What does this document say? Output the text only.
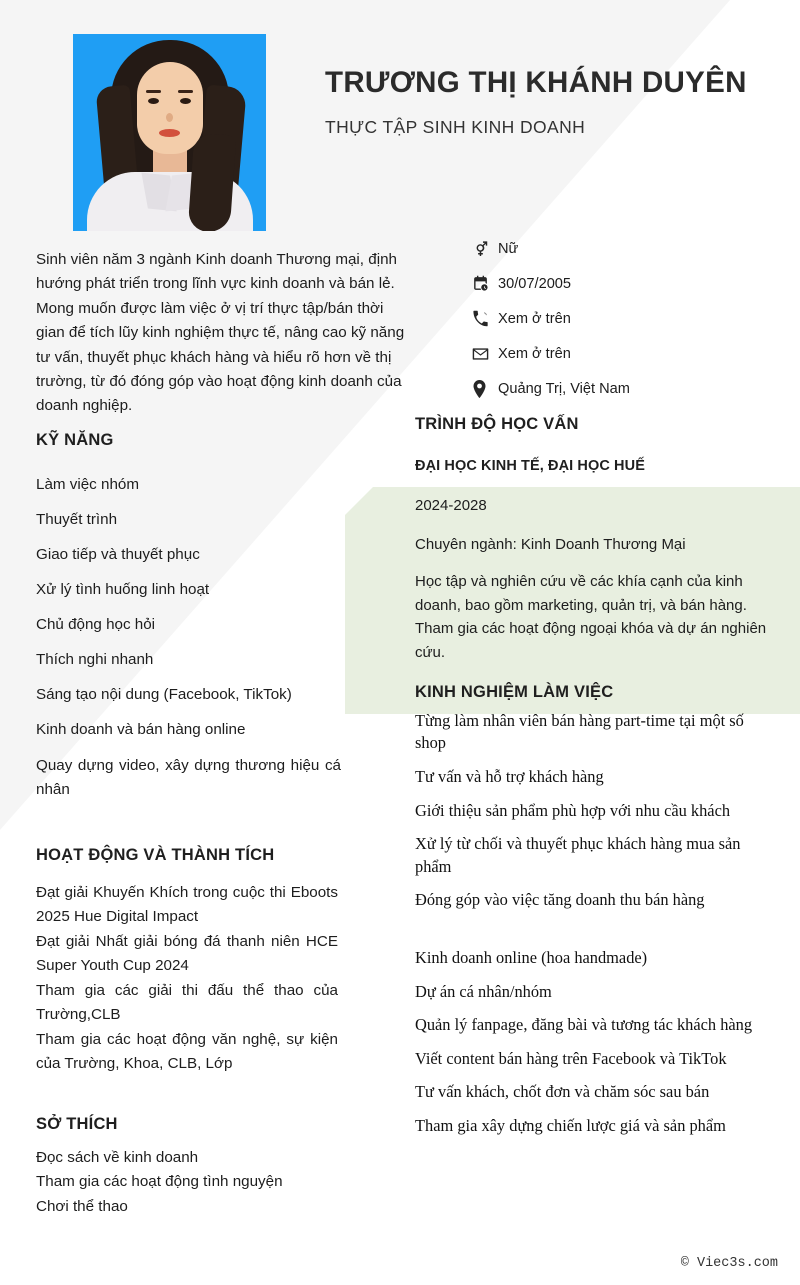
TRƯƠNG THỊ KHÁNH DUYÊN
THỰC TẬP SINH KINH DOANH
Nữ
30/07/2005
Xem ở trên
Xem ở trên
Quảng Trị, Việt Nam
Sinh viên năm 3 ngành Kinh doanh Thương mại, định hướng phát triển trong lĩnh vực kinh doanh và bán lẻ. Mong muốn được làm việc ở vị trí thực tập/bán thời gian để tích lũy kinh nghiệm thực tế, nâng cao kỹ năng tư vấn, thuyết phục khách hàng và hiểu rõ hơn về thị trường, từ đó đóng góp vào hoạt động kinh doanh của doanh nghiệp.
KỸ NĂNG
Làm việc nhóm
Thuyết trình
Giao tiếp và thuyết phục
Xử lý tình huống linh hoạt
Chủ động học hỏi
Thích nghi nhanh
Sáng tạo nội dung (Facebook, TikTok)
Kinh doanh và bán hàng online
Quay dựng video, xây dựng thương hiệu cá nhân
HOẠT ĐỘNG VÀ THÀNH TÍCH
Đạt giải Khuyến Khích trong cuộc thi Eboots 2025 Hue Digital Impact
Đạt giải Nhất giải bóng đá thanh niên HCE Super Youth Cup 2024
Tham gia các giải thi đấu thể thao của Trường,CLB
Tham gia các hoạt động văn nghệ, sự kiện của Trường, Khoa, CLB, Lớp
SỞ THÍCH
Đọc sách về kinh doanh
Tham gia các hoạt động tình nguyện
Chơi thể thao
TRÌNH ĐỘ HỌC VẤN
ĐẠI HỌC KINH TẾ, ĐẠI HỌC HUẾ
2024-2028
Chuyên ngành: Kinh Doanh Thương Mại
Học tập và nghiên cứu về các khía cạnh của kinh doanh, bao gồm marketing, quản trị, và bán hàng. Tham gia các hoạt động ngoại khóa và dự án nghiên cứu.
KINH NGHIỆM LÀM VIỆC
Từng làm nhân viên bán hàng part-time tại một số shop
Tư vấn và hỗ trợ khách hàng
Giới thiệu sản phẩm phù hợp với nhu cầu khách
Xử lý từ chối và thuyết phục khách hàng mua sản phẩm
Đóng góp vào việc tăng doanh thu bán hàng
Kinh doanh online (hoa handmade)
Dự án cá nhân/nhóm
Quản lý fanpage, đăng bài và tương tác khách hàng
Viết content bán hàng trên Facebook và TikTok
Tư vấn khách, chốt đơn và chăm sóc sau bán
Tham gia xây dựng chiến lược giá và sản phẩm
© Viec3s.com
